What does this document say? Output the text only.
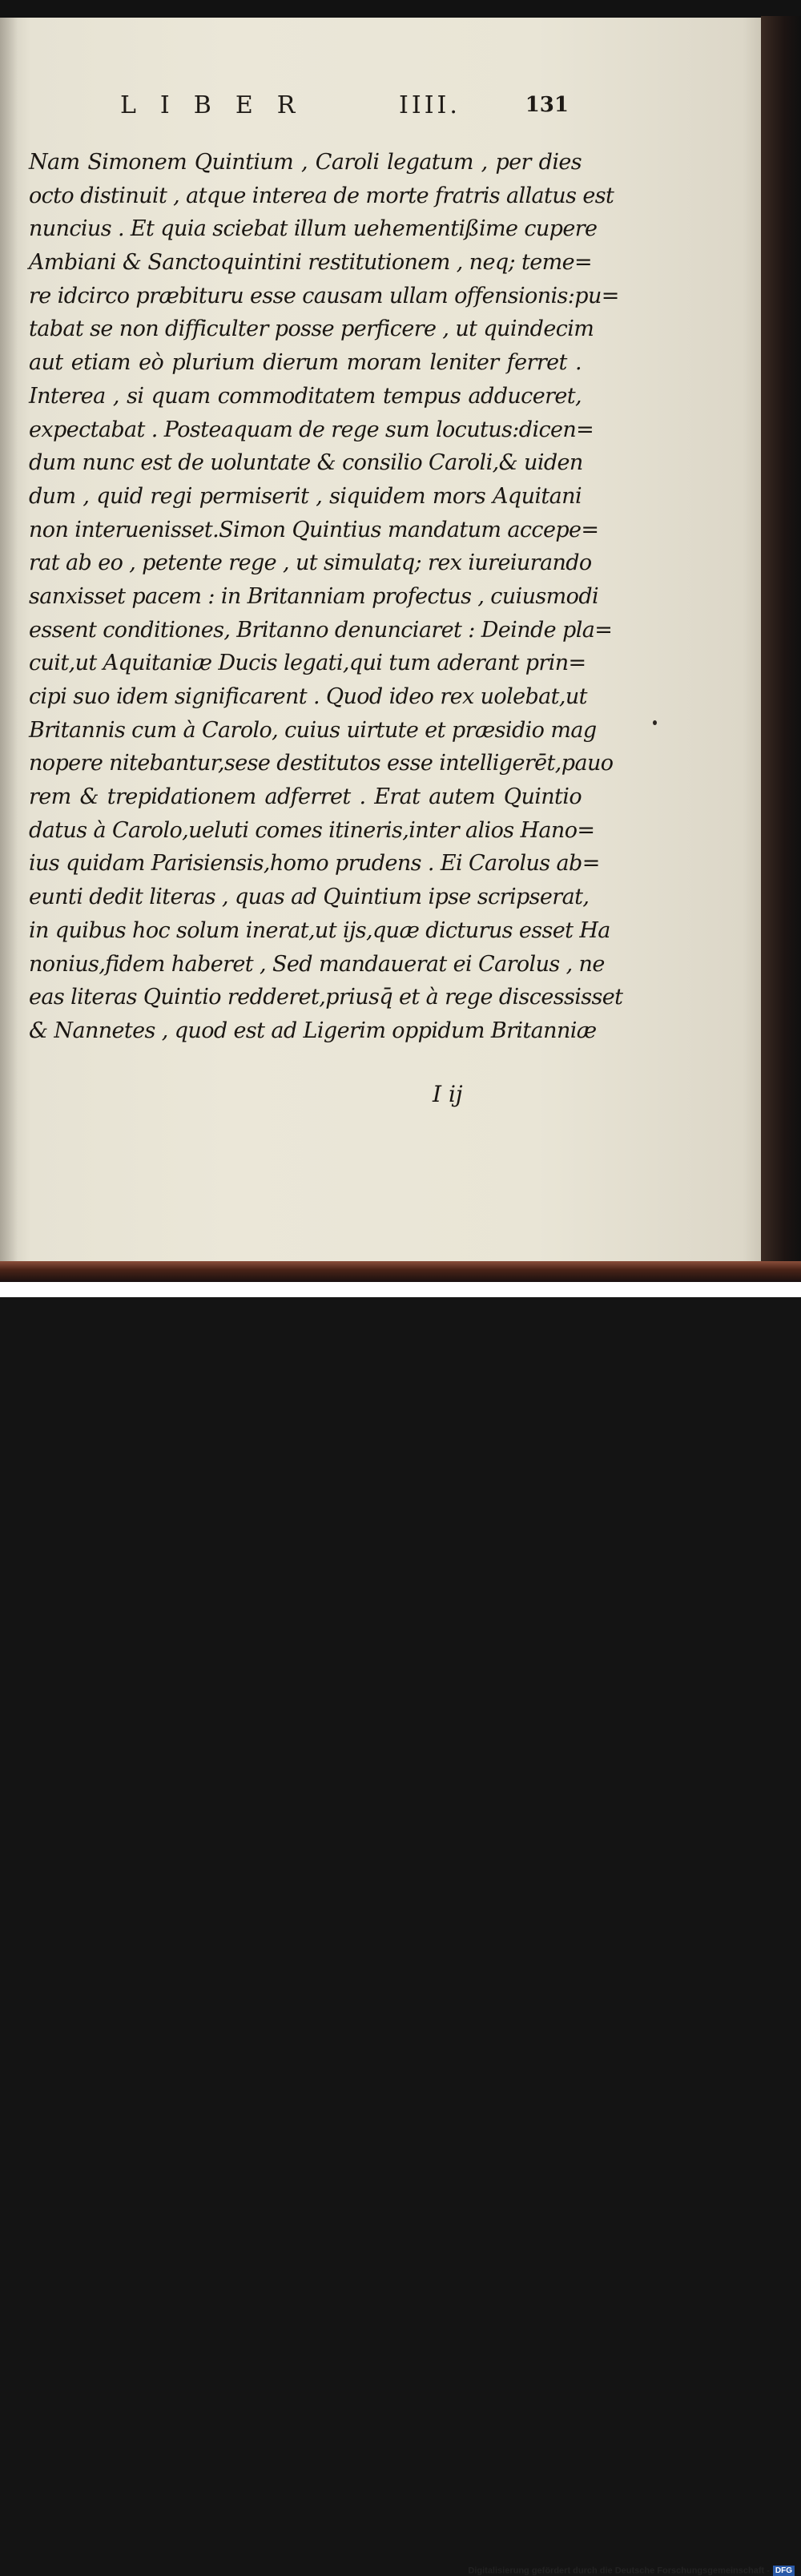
LIBER	IIII.	131
Nam Simonem Quintium , Caroli legatum , per dies
octo distinuit , atque interea de morte fratris allatus est
nuncius . Et quia sciebat illum uehementißime cupere
Ambiani & Sanctoquintini restitutionem , neq; teme=
re idcirco præbituru esse causam ullam offensionis:pu=
tabat se non difficulter posse perficere , ut quindecim
aut etiam eò plurium dierum moram leniter ferret .
Interea , si quam commoditatem tempus adduceret,
expectabat . Posteaquam de rege sum locutus:dicen=
dum nunc est de uoluntate & consilio Caroli,& uiden
dum , quid regi permiserit , siquidem mors Aquitani
non interuenisset.Simon Quintius mandatum accepe=
rat ab eo , petente rege , ut simulatq; rex iureiurando
sanxisset pacem : in Britanniam profectus , cuiusmodi
essent conditiones, Britanno denunciaret : Deinde pla=
cuit,ut Aquitaniæ Ducis legati,qui tum aderant prin=
cipi suo idem significarent . Quod ideo rex uolebat,ut
Britannis cum à Carolo, cuius uirtute et præsidio mag
nopere nitebantur,sese destitutos esse intelligerēt,pauo
rem & trepidationem adferret . Erat autem Quintio
datus à Carolo,ueluti comes itineris,inter alios Hano=
ius quidam Parisiensis,homo prudens . Ei Carolus ab=
eunti dedit literas , quas ad Quintium ipse scripserat,
in quibus hoc solum inerat,ut ijs,quæ dicturus esset Ha
nonius,fidem haberet , Sed mandauerat ei Carolus , ne
eas literas Quintio redderet,priusq̄ et à rege discessisset
& Nannetes , quod est ad Ligerim oppidum Britanniæ
I ij
Digitalisierung gefördert durch die Deutsche Forschungsgemeinschaft - DFG
